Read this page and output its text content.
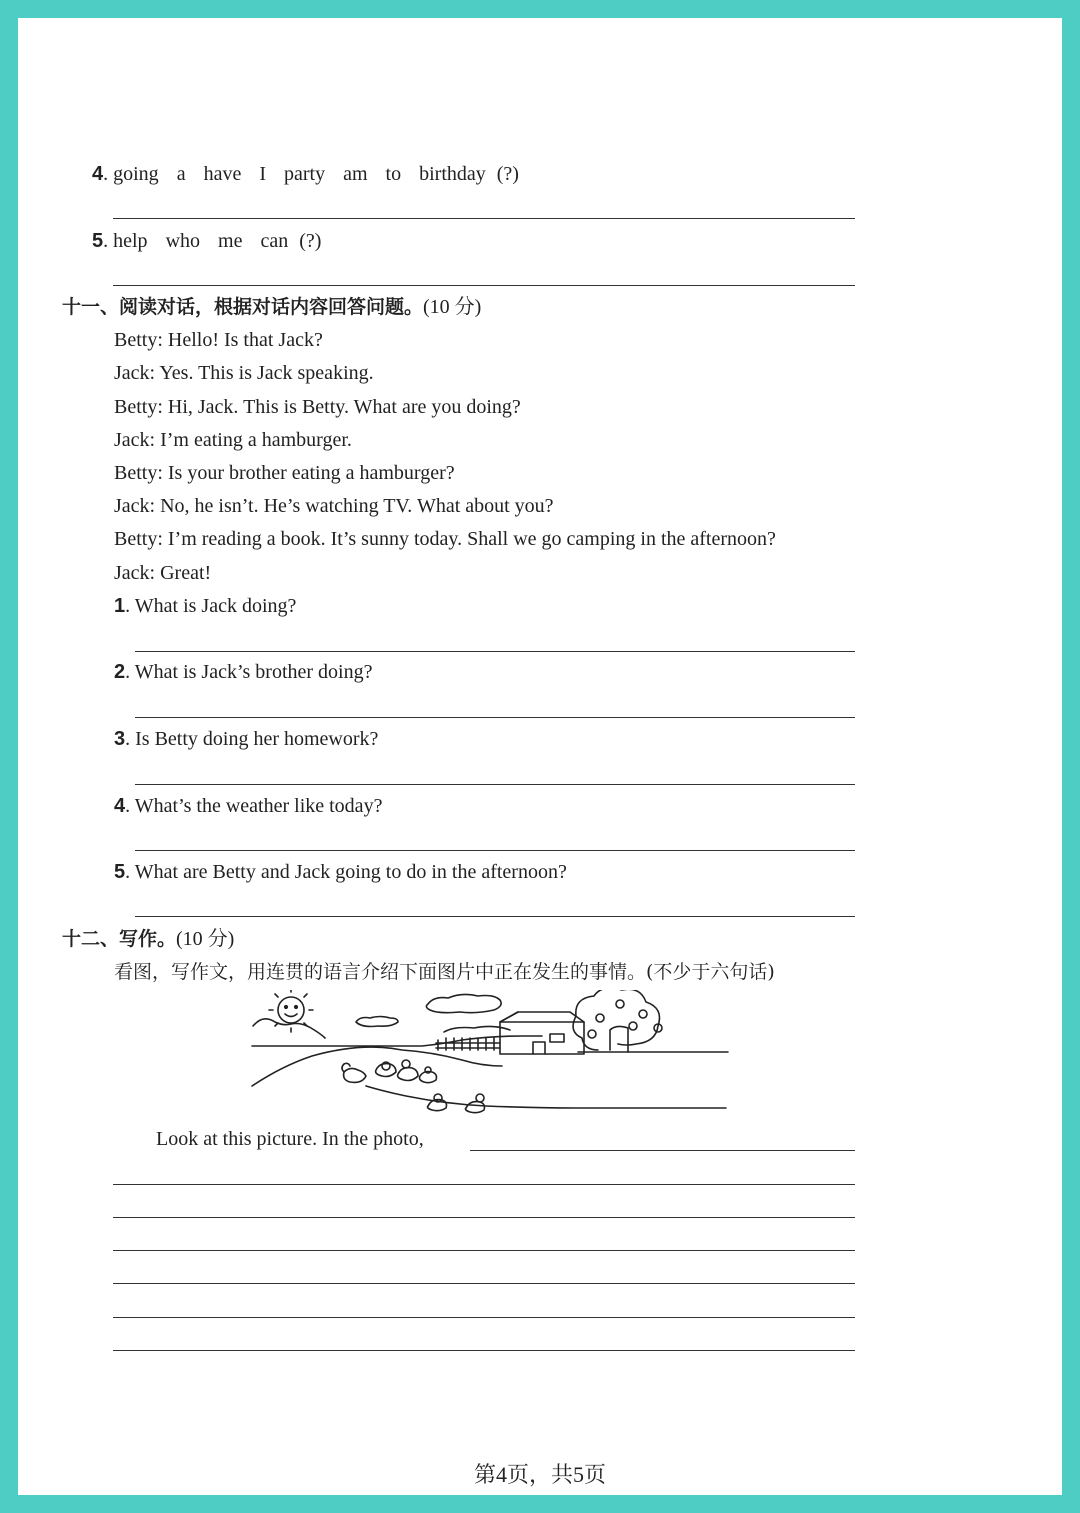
4. going a have I party am to birthday (?)
5. help who me can (?)
十一、阅读对话，根据对话内容回答问题。(10 分)
Betty: Hello! Is that Jack?
Jack: Yes. This is Jack speaking.
Betty: Hi, Jack. This is Betty. What are you doing?
Jack: I’m eating a hamburger.
Betty: Is your brother eating a hamburger?
Jack: No, he isn’t. He’s watching TV. What about you?
Betty: I’m reading a book. It’s sunny today. Shall we go camping in the afternoon?
Jack: Great!
1. What is Jack doing?
2. What is Jack’s brother doing?
3. Is Betty doing her homework?
4. What’s the weather like today?
5. What are Betty and Jack going to do in the afternoon?
十二、写作。(10 分)
看图，写作文，用连贯的语言介绍下面图片中正在发生的事情。(不少于六句话)
Look at this picture. In the photo,
第4页，共5页
